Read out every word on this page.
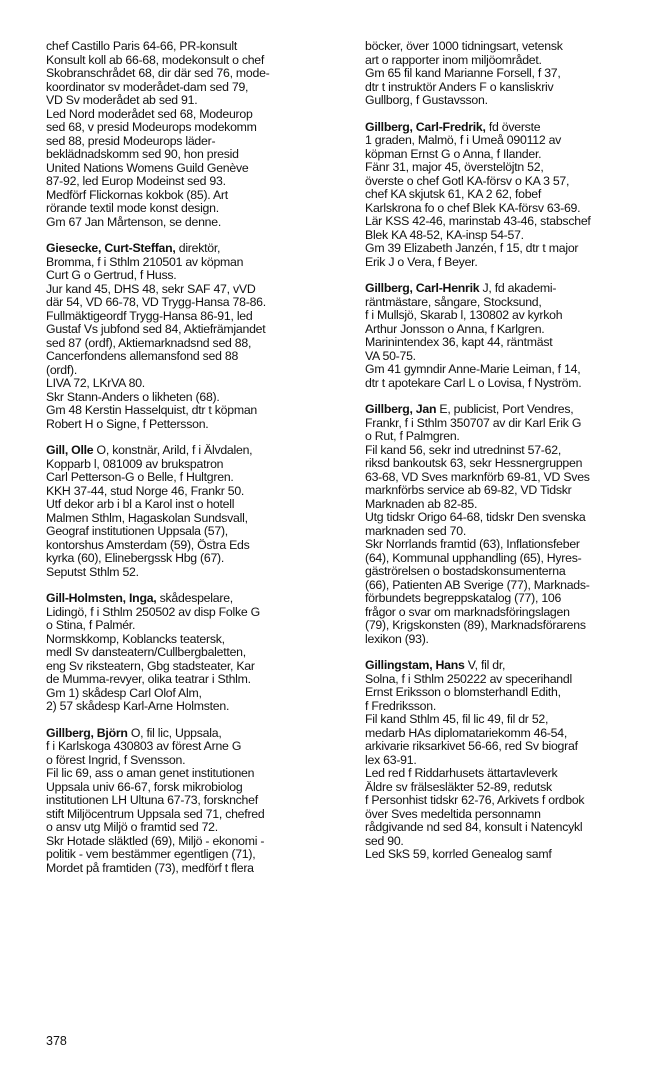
chef Castillo Paris 64-66, PR-konsult
Konsult koll ab 66-68, modekonsult o chef
Skobranschrådet 68, dir där sed 76, mode-
koordinator sv moderådet-dam sed 79,
VD Sv moderådet ab sed 91.
Led Nord moderådet sed 68, Modeurop
sed 68, v presid Modeurops modekomm
sed 88, presid Modeurops läder-
beklädnadskomm sed 90, hon presid
United Nations Womens Guild Genève
87-92, led Europ Modeinst sed 93.
Medförf Flickornas kokbok (85). Art
rörande textil mode konst design.
Gm 67 Jan Mårtenson, se denne.
Giesecke, Curt-Steffan, direktör,
Bromma, f i Sthlm 210501 av köpman
Curt G o Gertrud, f Huss.
Jur kand 45, DHS 48, sekr SAF 47, vVD
där 54, VD 66-78, VD Trygg-Hansa 78-86.
Fullmäktigeordf Trygg-Hansa 86-91, led
Gustaf Vs jubfond sed 84, Aktiefrämjandet
sed 87 (ordf), Aktiemarknadsnd sed 88,
Cancerfondens allemansfond sed 88
(ordf).
LIVA 72, LKrVA 80.
Skr Stann-Anders o likheten (68).
Gm 48 Kerstin Hasselquist, dtr t köpman
Robert H o Signe, f Pettersson.
Gill, Olle O, konstnär, Arild, f i Älvdalen,
Kopparb l, 081009 av brukspatron
Carl Petterson-G o Belle, f Hultgren.
KKH 37-44, stud Norge 46, Frankr 50.
Utf dekor arb i bl a Karol inst o hotell
Malmen Sthlm, Hagaskolan Sundsvall,
Geograf institutionen Uppsala (57),
kontorshus Amsterdam (59), Östra Eds
kyrka (60), Elinebergssk Hbg (67).
Seputst Sthlm 52.
Gill-Holmsten, Inga, skådespelare,
Lidingö, f i Sthlm 250502 av disp Folke G
o Stina, f Palmér.
Normskkomp, Koblancks teatersk,
medl Sv dansteatern/Cullbergbaletten,
eng Sv riksteatern, Gbg stadsteater, Kar
de Mumma-revyer, olika teatrar i Sthlm.
Gm 1) skådesp Carl Olof Alm,
2) 57 skådesp Karl-Arne Holmsten.
Gillberg, Björn O, fil lic, Uppsala,
f i Karlskoga 430803 av förest Arne G
o förest Ingrid, f Svensson.
Fil lic 69, ass o aman genet institutionen
Uppsala univ 66-67, forsk mikrobiolog
institutionen LH Ultuna 67-73, forsknchef
stift Miljöcentrum Uppsala sed 71, chefred
o ansv utg Miljö o framtid sed 72.
Skr Hotade släktled (69), Miljö - ekonomi -
politik - vem bestämmer egentligen (71),
Mordet på framtiden (73), medförf t flera
böcker, över 1000 tidningsart, vetensk
art o rapporter inom miljöområdet.
Gm 65 fil kand Marianne Forsell, f 37,
dtr t instruktör Anders F o kansliskriv
Gullborg, f Gustavsson.
Gillberg, Carl-Fredrik, fd överste
1 graden, Malmö, f i Umeå 090112 av
köpman Ernst G o Anna, f Ilander.
Fänr 31, major 45, överstelöjtn 52,
överste o chef Gotl KA-försv o KA 3 57,
chef KA skjutsk 61, KA 2 62, fobef
Karlskrona fo o chef Blek KA-försv 63-69.
Lär KSS 42-46, marinstab 43-46, stabschef
Blek KA 48-52, KA-insp 54-57.
Gm 39 Elizabeth Janzén, f 15, dtr t major
Erik J o Vera, f Beyer.
Gillberg, Carl-Henrik J, fd akademi-
räntmästare, sångare, Stocksund,
f i Mullsjö, Skarab l, 130802 av kyrkoh
Arthur Jonsson o Anna, f Karlgren.
Marinintendex 36, kapt 44, räntmäst
VA 50-75.
Gm 41 gymndir Anne-Marie Leiman, f 14,
dtr t apotekare Carl L o Lovisa, f Nyström.
Gillberg, Jan E, publicist, Port Vendres,
Frankr, f i Sthlm 350707 av dir Karl Erik G
o Rut, f Palmgren.
Fil kand 56, sekr ind utredninst 57-62,
riksd bankoutsk 63, sekr Hessnergruppen
63-68, VD Sves marknförb 69-81, VD Sves
marknförbs service ab 69-82, VD Tidskr
Marknaden ab 82-85.
Utg tidskr Origo 64-68, tidskr Den svenska
marknaden sed 70.
Skr Norrlands framtid (63), Inflationsfeber
(64), Kommunal upphandling (65), Hyres-
gäströrelsen o bostadskonsumenterna
(66), Patienten AB Sverige (77), Marknads-
förbundets begreppskatalog (77), 106
frågor o svar om marknadsföringslagen
(79), Krigskonsten (89), Marknadsförarens
lexikon (93).
Gillingstam, Hans V, fil dr,
Solna, f i Sthlm 250222 av specerihandl
Ernst Eriksson o blomsterhandl Edith,
f Fredriksson.
Fil kand Sthlm 45, fil lic 49, fil dr 52,
medarb HAs diplomatariekomm 46-54,
arkivarie riksarkivet 56-66, red Sv biograf
lex 63-91.
Led red f Riddarhusets ättartavleverk
Äldre sv frälsesläkter 52-89, redutsk
f Personhist tidskr 62-76, Arkivets f ordbok
över Sves medeltida personnamn
rådgivande nd sed 84, konsult i Natencykl
sed 90.
Led SkS 59, korrled Genealog samf
378
